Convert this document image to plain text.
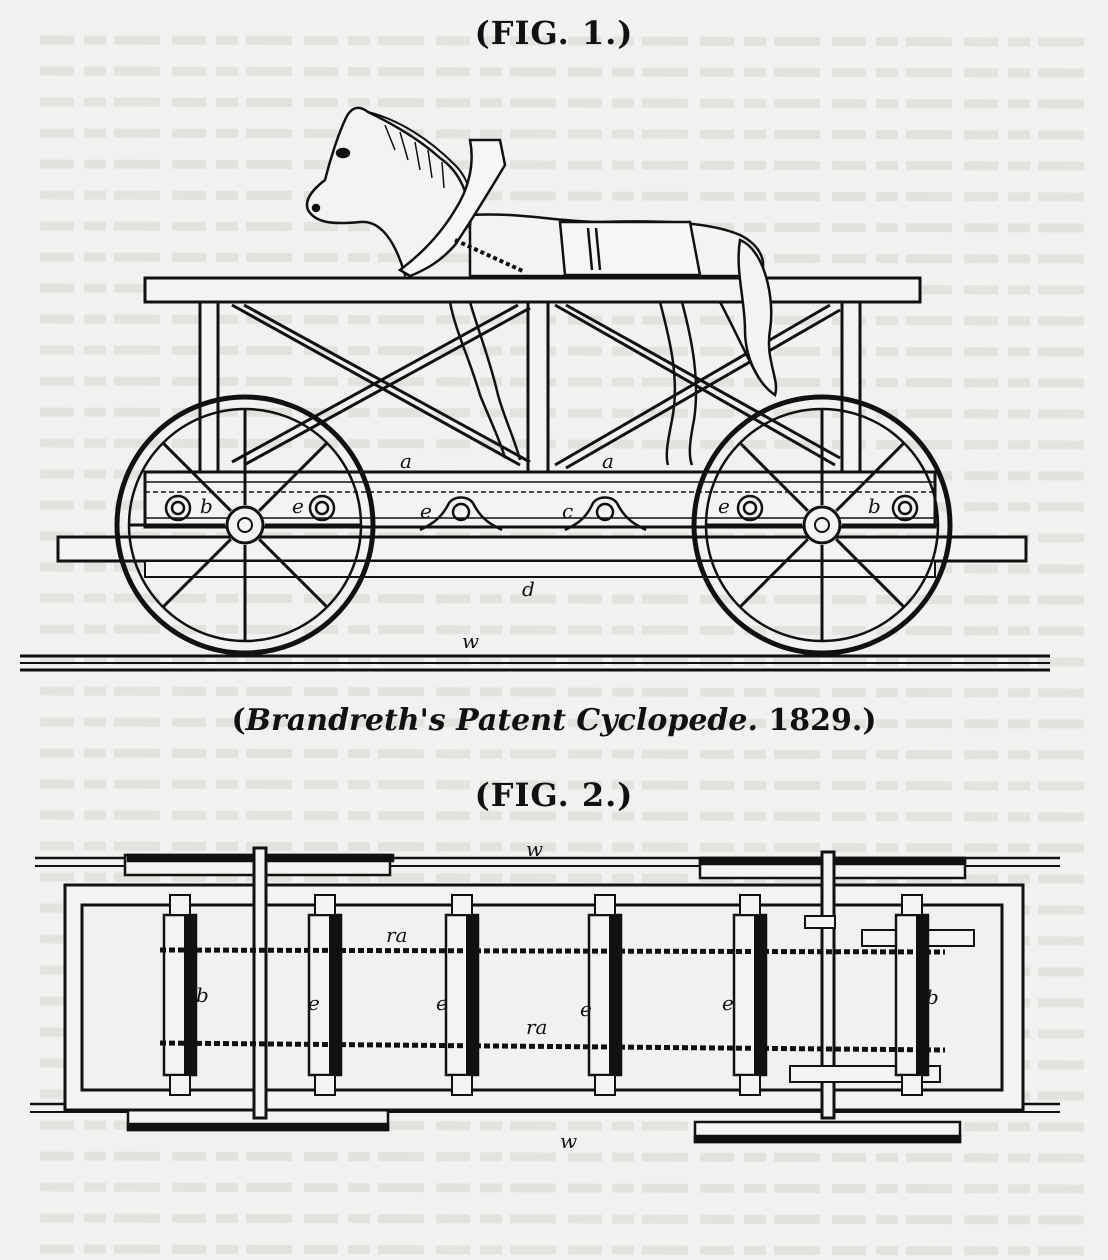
a	a
b	b
e	e	e
c
d
w
w
w
ra
ra
b	b
e	e	e	e
(FIG. 1.)
(Brandreth's Patent Cyclopede. 1829.)
(FIG. 2.)
